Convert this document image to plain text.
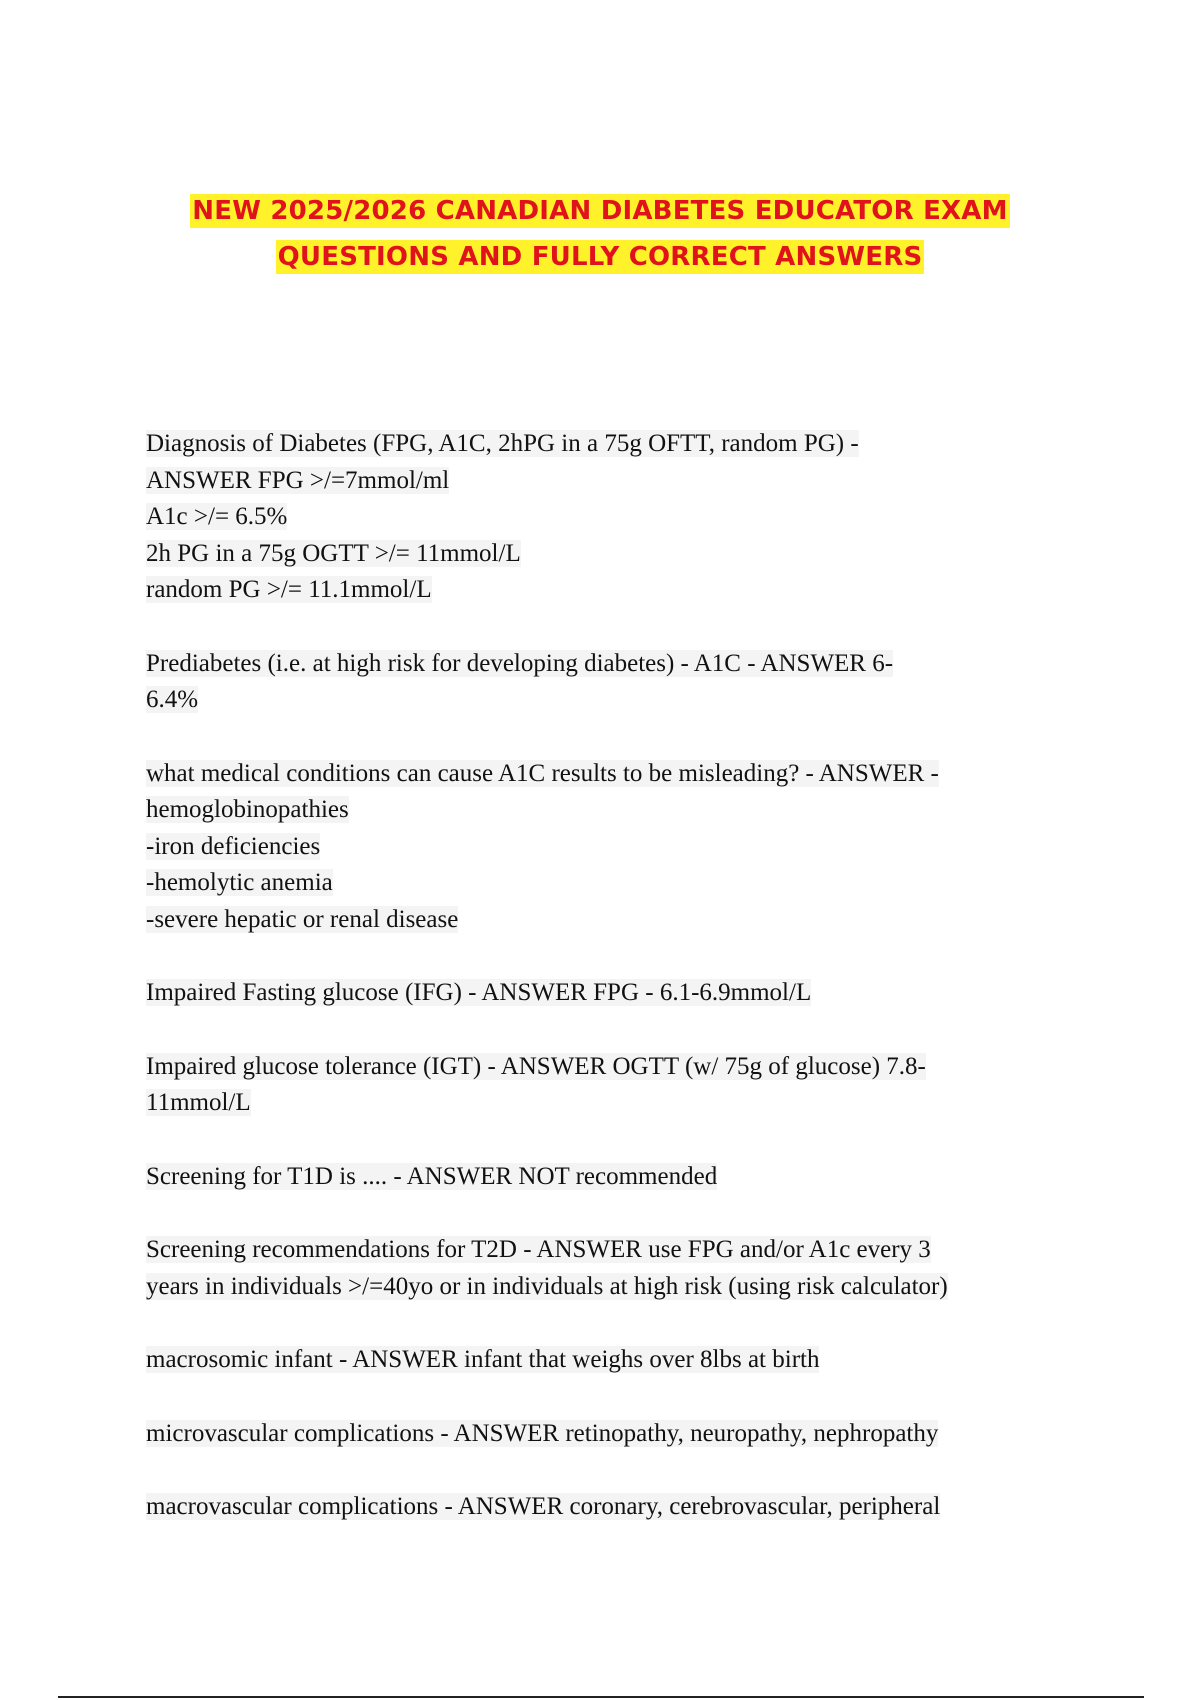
NEW 2025/2026 CANADIAN DIABETES EDUCATOR EXAM
QUESTIONS AND FULLY CORRECT ANSWERS
Diagnosis of Diabetes (FPG, A1C, 2hPG in a 75g OFTT, random PG) -
ANSWER FPG >/=7mmol/ml
A1c >/= 6.5%
2h PG in a 75g OGTT >/= 11mmol/L
random PG >/= 11.1mmol/L
Prediabetes (i.e. at high risk for developing diabetes) - A1C - ANSWER 6-
6.4%
what medical conditions can cause A1C results to be misleading? - ANSWER -
hemoglobinopathies
-iron deficiencies
-hemolytic anemia
-severe hepatic or renal disease
Impaired Fasting glucose (IFG) - ANSWER FPG - 6.1-6.9mmol/L
Impaired glucose tolerance (IGT) - ANSWER OGTT (w/ 75g of glucose) 7.8-
11mmol/L
Screening for T1D is .... - ANSWER NOT recommended
Screening recommendations for T2D - ANSWER use FPG and/or A1c every 3
years in individuals >/=40yo or in individuals at high risk (using risk calculator)
macrosomic infant - ANSWER infant that weighs over 8lbs at birth
microvascular complications - ANSWER retinopathy, neuropathy, nephropathy
macrovascular complications - ANSWER coronary, cerebrovascular, peripheral
